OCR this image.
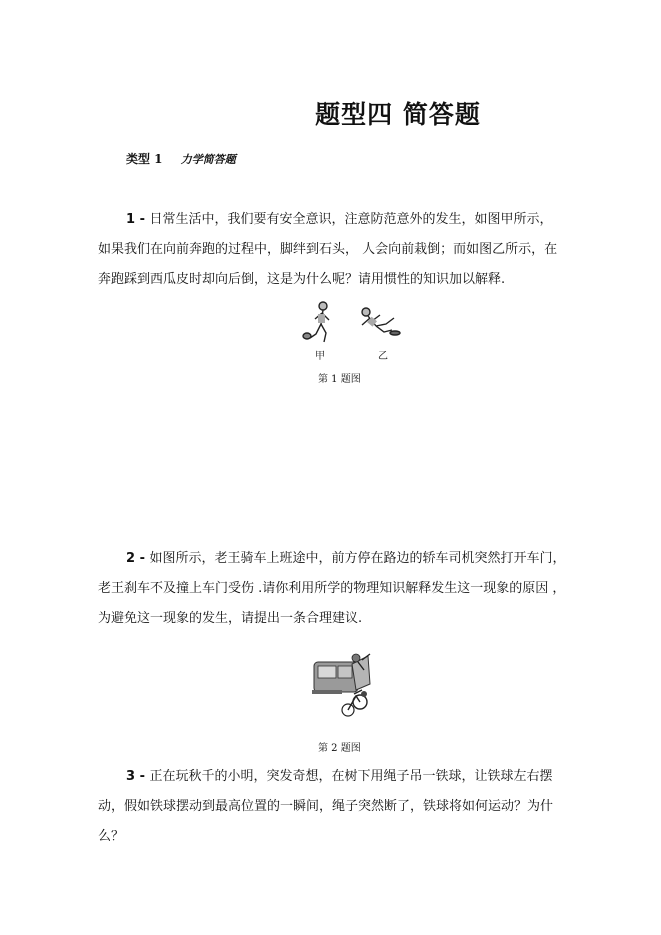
题型四 简答题
类型 1 力学简答题
1 - 日常生活中，我们要有安全意识，注意防范意外的发生，如图甲所示，
如果我们在向前奔跑的过程中，脚绊到石头， 人会向前栽倒；而如图乙所示，在
奔跑踩到西瓜皮时却向后倒，这是为什么呢？请用惯性的知识加以解释.
甲	乙
第 1 题图
2 - 如图所示，老王骑车上班途中，前方停在路边的轿车司机突然打开车门，
老王刹车不及撞上车门受伤 .请你利用所学的物理知识解释发生这一现象的原因 ，
为避免这一现象的发生，请提出一条合理建议.
第 2 题图
3 - 正在玩秋千的小明，突发奇想，在树下用绳子吊一铁球，让铁球左右摆
动，假如铁球摆动到最高位置的一瞬间，绳子突然断了，铁球将如何运动？为什
么？
